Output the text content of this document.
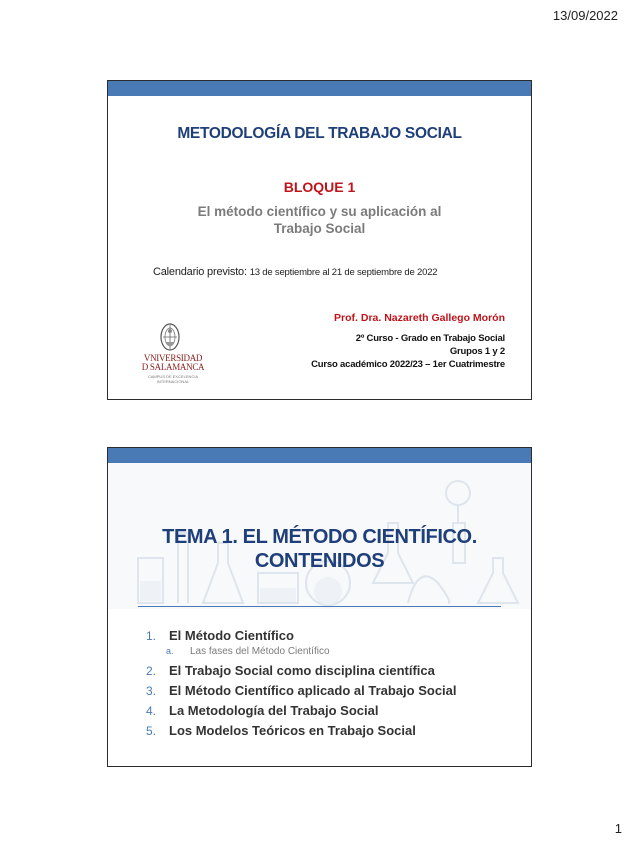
13/09/2022
METODOLOGÍA DEL TRABAJO SOCIAL
BLOQUE 1
El método científico y su aplicación al
Trabajo Social
Calendario previsto: 13 de septiembre al 21 de septiembre de 2022
VNIVERSIDAD
D SALAMANCA
CAMPUS DE EXCELENCIA INTERNACIONAL
Prof. Dra. Nazareth Gallego Morón
2º Curso - Grado en Trabajo Social
Grupos 1 y 2
Curso académico 2022/23 – 1er Cuatrimestre
TEMA 1. EL MÉTODO CIENTÍFICO.
CONTENIDOS
1. El Método Científico
a.	Las fases del Método Científico
2. El Trabajo Social como disciplina científica
3. El Método Científico aplicado al Trabajo Social
4. La Metodología del Trabajo Social
5. Los Modelos Teóricos en Trabajo Social
1
